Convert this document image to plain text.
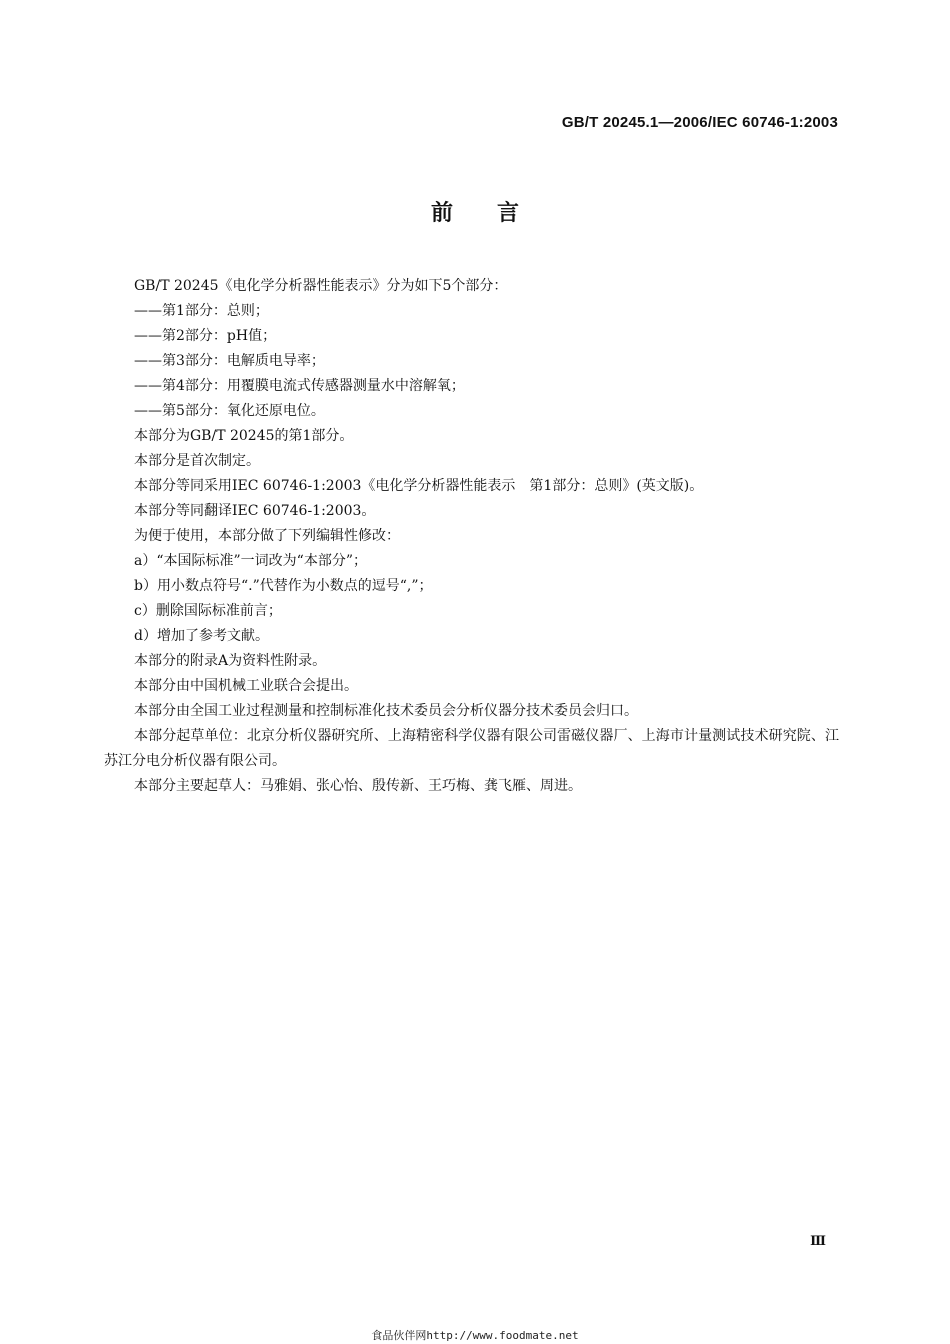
GB/T 20245.1—2006/IEC 60746-1:2003
前言

GB/T 20245《电化学分析器性能表示》分为如下5个部分：

——第1部分：总则；

——第2部分：pH值；

——第3部分：电解质电导率；

——第4部分：用覆膜电流式传感器测量水中溶解氧；

——第5部分：氧化还原电位。

本部分为GB/T 20245的第1部分。

本部分是首次制定。

本部分等同采用IEC 60746-1:2003《电化学分析器性能表示　第1部分：总则》(英文版)。

本部分等同翻译IEC 60746-1:2003。

为便于使用，本部分做了下列编辑性修改：

a）“本国际标准”一词改为“本部分”；

b）用小数点符号“.”代替作为小数点的逗号“,”；

c）删除国际标准前言；

d）增加了参考文献。

本部分的附录A为资料性附录。

本部分由中国机械工业联合会提出。

本部分由全国工业过程测量和控制标准化技术委员会分析仪器分技术委员会归口。

本部分起草单位：北京分析仪器研究所、上海精密科学仪器有限公司雷磁仪器厂、上海市计量测试技术研究院、江苏江分电分析仪器有限公司。

本部分主要起草人：马雅娟、张心怡、殷传新、王巧梅、龚飞雁、周进。

Ⅲ
食品伙伴网http://www.foodmate.net
